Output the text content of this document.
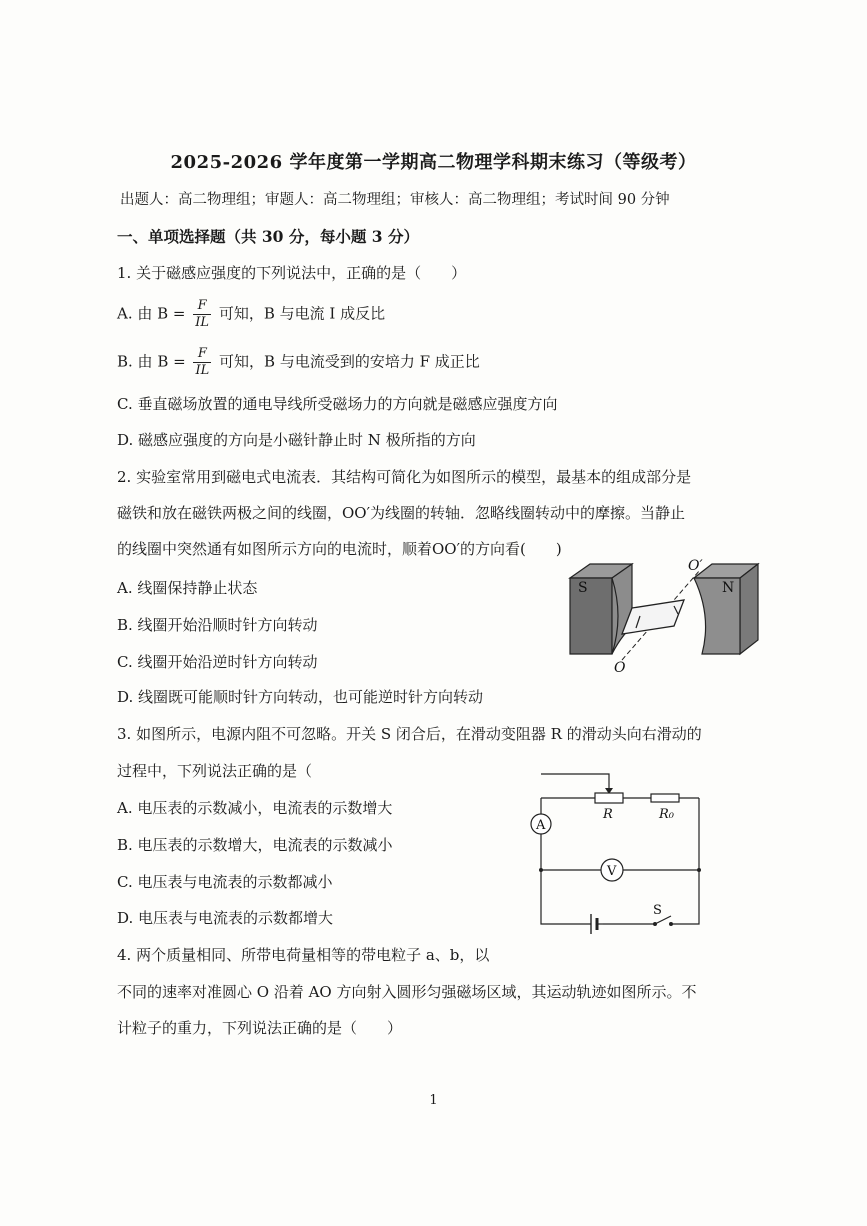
2025-2026 学年度第一学期高二物理学科期末练习（等级考）
出题人：高二物理组；审题人：高二物理组；审核人：高二物理组；考试时间 90 分钟
一、单项选择题（共 30 分，每小题 3 分）
1. 关于磁感应强度的下列说法中，正确的是（　　）
A. 由 $B = \frac{F}{IL}$ 可知，B 与电流 I 成反比
B. 由 $B = \frac{F}{IL}$ 可知，B 与电流受到的安培力 F 成正比
C. 垂直磁场放置的通电导线所受磁场力的方向就是磁感应强度方向
D. 磁感应强度的方向是小磁针静止时 N 极所指的方向
2. 实验室常用到磁电式电流表．其结构可简化为如图所示的模型，最基本的组成部分是
磁铁和放在磁铁两极之间的线圈，OO′为线圈的转轴．忽略线圈转动中的摩擦。当静止
的线圈中突然通有如图所示方向的电流时，顺着OO′的方向看(　　)
A. 线圈保持静止状态
B. 线圈开始沿顺时针方向转动
C. 线圈开始沿逆时针方向转动
D. 线圈既可能顺时针方向转动，也可能逆时针方向转动
S	N
O
O′
3. 如图所示，电源内阻不可忽略。开关 S 闭合后，在滑动变阻器 R 的滑动头向右滑动的
过程中，下列说法正确的是（
A. 电压表的示数减小，电流表的示数增大
B. 电压表的示数增大，电流表的示数减小
C. 电压表与电流表的示数都减小
D. 电压表与电流表的示数都增大
R	R₀
A
V
S
4. 两个质量相同、所带电荷量相等的带电粒子 a、b，以
不同的速率对准圆心 O 沿着 AO 方向射入圆形匀强磁场区域，其运动轨迹如图所示。不
计粒子的重力，下列说法正确的是（　　）
1
